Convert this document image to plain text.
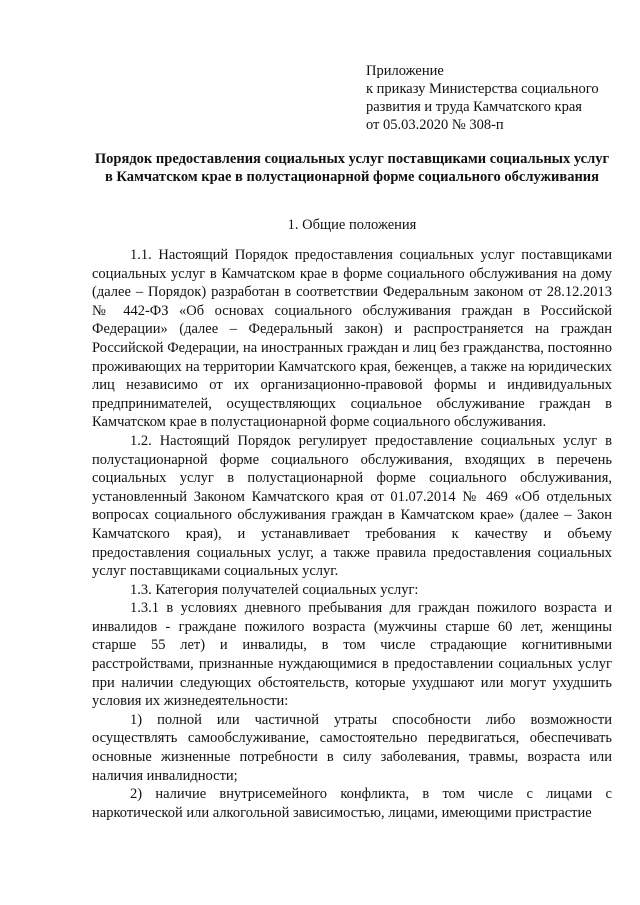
Приложение
к приказу Министерства социального
развития и труда Камчатского края
от 05.03.2020 № 308-п
Порядок предоставления социальных услуг поставщиками социальных услуг в Камчатском крае в полустационарной форме социального обслуживания
1. Общие положения

1.1. Настоящий Порядок предоставления социальных услуг поставщиками социальных услуг в Камчатском крае в форме социального обслуживания на дому (далее – Порядок) разработан в соответствии Федеральным законом от 28.12.2013 № 442-ФЗ «Об основах социального обслуживания граждан в Российской Федерации» (далее – Федеральный закон) и распространяется на граждан Российской Федерации, на иностранных граждан и лиц без гражданства, постоянно проживающих на территории Камчатского края, беженцев, а также на юридических лиц независимо от их организационно-правовой формы и индивидуальных предпринимателей, осуществляющих социальное обслуживание граждан в Камчатском крае в полустационарной форме социального обслуживания.

1.2. Настоящий Порядок регулирует предоставление социальных услуг в полустационарной форме социального обслуживания, входящих в перечень социальных услуг в полустационарной форме социального обслуживания, установленный Законом Камчатского края от 01.07.2014 № 469 «Об отдельных вопросах социального обслуживания граждан в Камчатском крае» (далее – Закон Камчатского края), и устанавливает требования к качеству и объему предоставления социальных услуг, а также правила предоставления социальных услуг поставщиками социальных услуг.

1.3. Категория получателей социальных услуг:

1.3.1 в условиях дневного пребывания для граждан пожилого возраста и инвалидов - граждане пожилого возраста (мужчины старше 60 лет, женщины старше 55 лет) и инвалиды, в том числе страдающие когнитивными расстройствами, признанные нуждающимися в предоставлении социальных услуг при наличии следующих обстоятельств, которые ухудшают или могут ухудшить условия их жизнедеятельности:

1) полной или частичной утраты способности либо возможности осуществлять самообслуживание, самостоятельно передвигаться, обеспечивать основные жизненные потребности в силу заболевания, травмы, возраста или наличия инвалидности;

2) наличие внутрисемейного конфликта, в том числе с лицами с наркотической или алкогольной зависимостью, лицами, имеющими пристрастие
